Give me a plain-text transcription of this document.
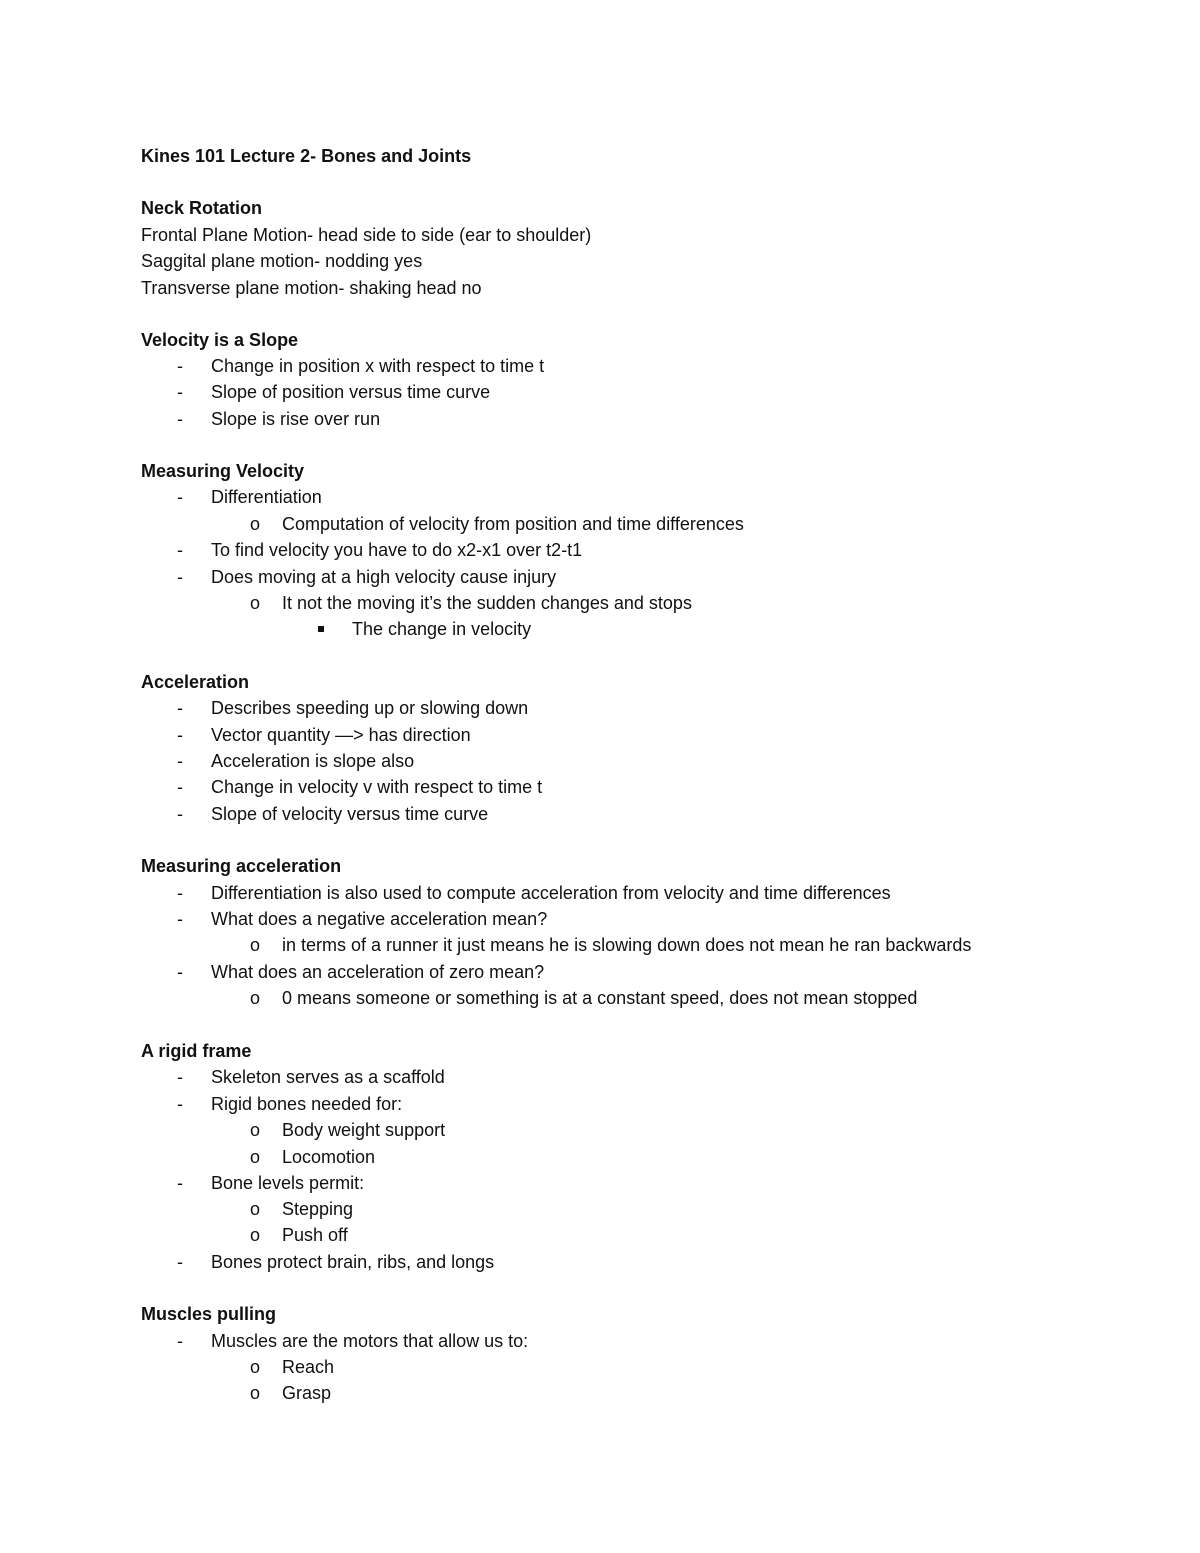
Kines 101 Lecture 2- Bones and Joints
Neck Rotation
Frontal Plane Motion- head side to side (ear to shoulder)
Saggital plane motion- nodding yes
Transverse plane motion- shaking head no
Velocity is a Slope
- Change in position x with respect to time t
- Slope of position versus time curve
- Slope is rise over run
Measuring Velocity
- Differentiation
o Computation of velocity from position and time differences
- To find velocity you have to do x2-x1 over t2-t1
- Does moving at a high velocity cause injury
o It not the moving it’s the sudden changes and stops
The change in velocity
Acceleration
- Describes speeding up or slowing down
- Vector quantity —> has direction
- Acceleration is slope also
- Change in velocity v with respect to time t
- Slope of velocity versus time curve
Measuring acceleration
- Differentiation is also used to compute acceleration from velocity and time differences
- What does a negative acceleration mean?
o in terms of a runner it just means he is slowing down does not mean he ran backwards
- What does an acceleration of zero mean?
o 0 means someone or something is at a constant speed, does not mean stopped
A rigid frame
- Skeleton serves as a scaffold
- Rigid bones needed for:
o Body weight support
o Locomotion
- Bone levels permit:
o Stepping
o Push off
- Bones protect brain, ribs, and longs
Muscles pulling
- Muscles are the motors that allow us to:
o Reach
o Grasp
